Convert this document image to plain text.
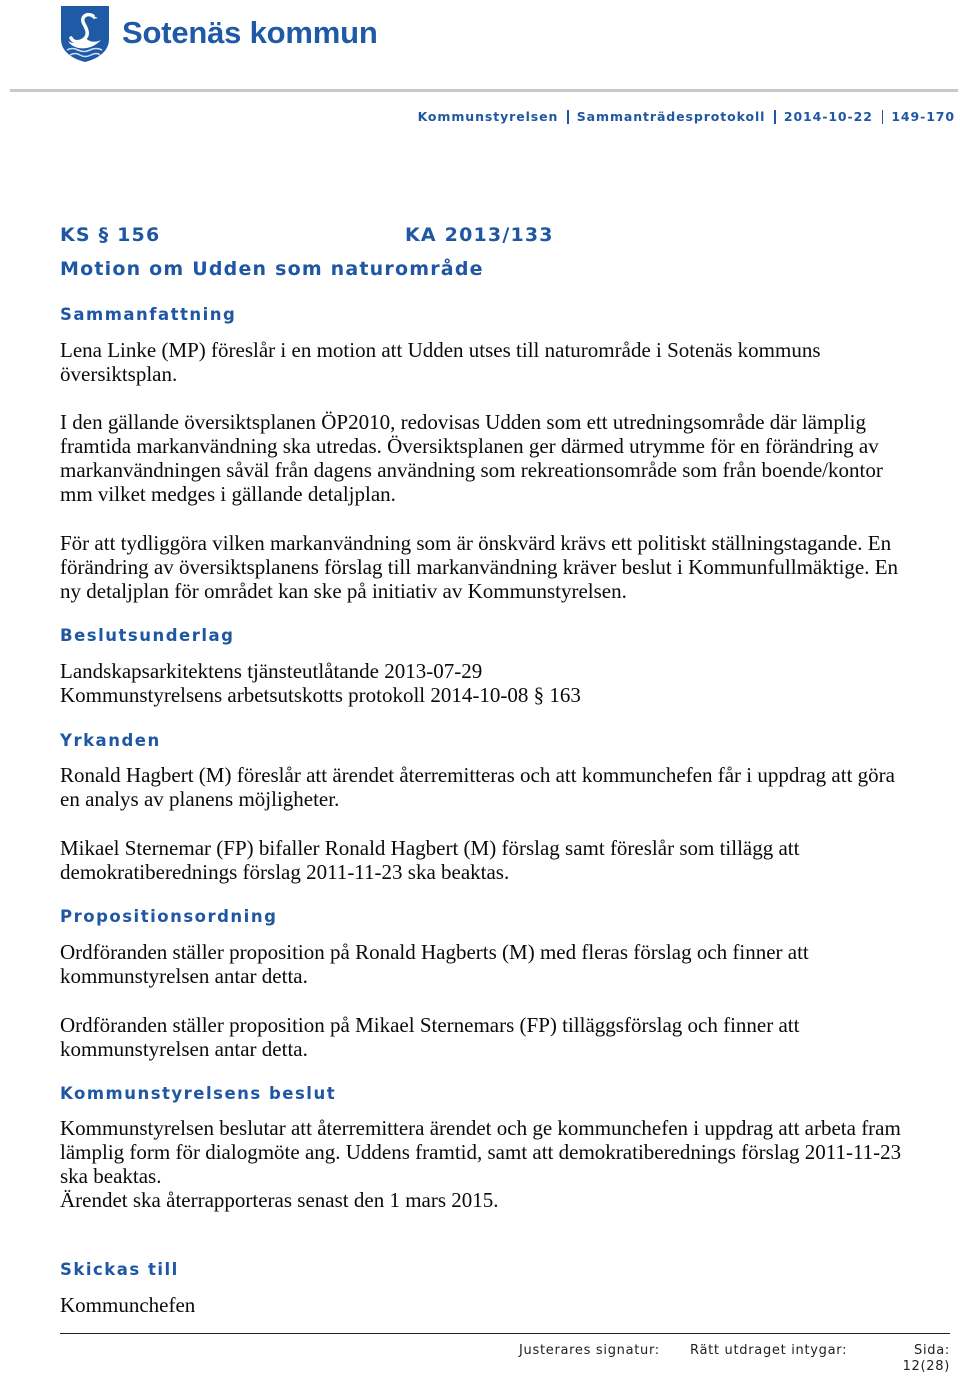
Sotenäs kommun
Kommunstyrelsen Sammanträdesprotokoll 2014-10-22 149-170
KS § 156	KA 2013/133
Motion om Udden som naturområde
Sammanfattning
Lena Linke (MP) föreslår i en motion att Udden utses till naturområde i Sotenäs kommuns
översiktsplan.
I den gällande översiktsplanen ÖP2010, redovisas Udden som ett utredningsområde där lämplig
framtida markanvändning ska utredas. Översiktsplanen ger därmed utrymme för en förändring av
markanvändningen såväl från dagens användning som rekreationsområde som från boende/kontor
mm vilket medges i gällande detaljplan.
För att tydliggöra vilken markanvändning som är önskvärd krävs ett politiskt ställningstagande. En
förändring av översiktsplanens förslag till markanvändning kräver beslut i Kommunfullmäktige. En
ny detaljplan för området kan ske på initiativ av Kommunstyrelsen.
Beslutsunderlag
Landskapsarkitektens tjänsteutlåtande 2013-07-29
Kommunstyrelsens arbetsutskotts protokoll 2014-10-08 § 163
Yrkanden
Ronald Hagbert (M) föreslår att ärendet återremitteras och att kommunchefen får i uppdrag att göra
en analys av planens möjligheter.
Mikael Sternemar (FP) bifaller Ronald Hagbert (M) förslag samt föreslår som tillägg att
demokratiberednings förslag 2011-11-23 ska beaktas.
Propositionsordning
Ordföranden ställer proposition på Ronald Hagberts (M) med fleras förslag och finner att
kommunstyrelsen antar detta.
Ordföranden ställer proposition på Mikael Sternemars (FP) tilläggsförslag och finner att
kommunstyrelsen antar detta.
Kommunstyrelsens beslut
Kommunstyrelsen beslutar att återremittera ärendet och ge kommunchefen i uppdrag att arbeta fram
lämplig form för dialogmöte ang. Uddens framtid, samt att demokratiberednings förslag 2011-11-23
ska beaktas.
Ärendet ska återrapporteras senast den 1 mars 2015.
Skickas till
Kommunchefen
Justerares signatur: Rätt utdraget intygar:	Sida:
12(28)
